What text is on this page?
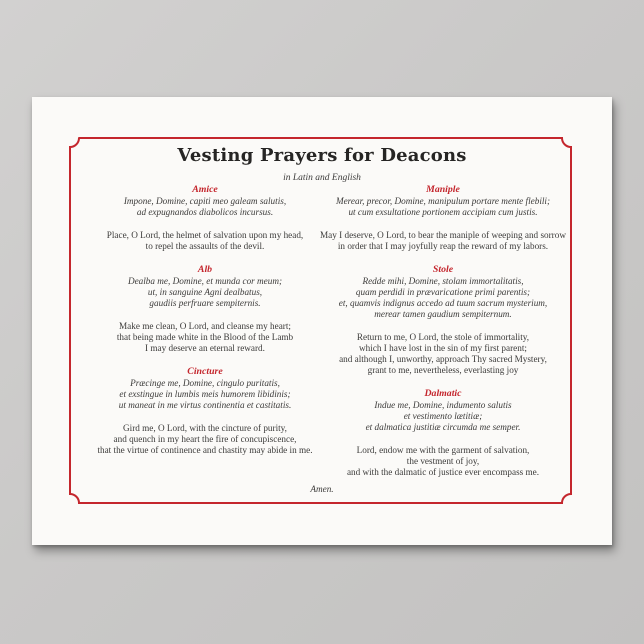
Vesting Prayers for Deacons
in Latin and English
Amice

Impone, Domine, capiti meo galeam salutis,
ad expugnandos diabolicos incursus.

Place, O Lord, the helmet of salvation upon my head,
to repel the assaults of the devil.

Alb

Dealba me, Domine, et munda cor meum;
ut, in sanguine Agni dealbatus,
gaudiis perfruare sempiternis.

Make me clean, O Lord, and cleanse my heart;
that being made white in the Blood of the Lamb
I may deserve an eternal reward.

Cincture

Præcinge me, Domine, cingulo puritatis,
et exstingue in lumbis meis humorem libidinis;
ut maneat in me virtus continentia et castitatis.

Gird me, O Lord, with the cincture of purity,
and quench in my heart the fire of concupiscence,
that the virtue of continence and chastity may abide in me.

Maniple

Merear, precor, Domine, manipulum portare mente flebili;
ut cum exsultatione portionem accipiam cum justis.

May I deserve, O Lord, to bear the maniple of weeping and sorrow
in order that I may joyfully reap the reward of my labors.

Stole

Redde mihi, Domine, stolam immortalitatis,
quam perdidi in prævaricatione primi parentis;
et, quamvis indignus accedo ad tuum sacrum mysterium,
merear tamen gaudium sempiternum.

Return to me, O Lord, the stole of immortality,
which I have lost in the sin of my first parent;
and although I, unworthy, approach Thy sacred Mystery,
grant to me, nevertheless, everlasting joy

Dalmatic

Indue me, Domine, indumento salutis
et vestimento lætitiæ;
et dalmatica justitiæ circumda me semper.

Lord, endow me with the garment of salvation,
the vestment of joy,
and with the dalmatic of justice ever encompass me.

Amen.
